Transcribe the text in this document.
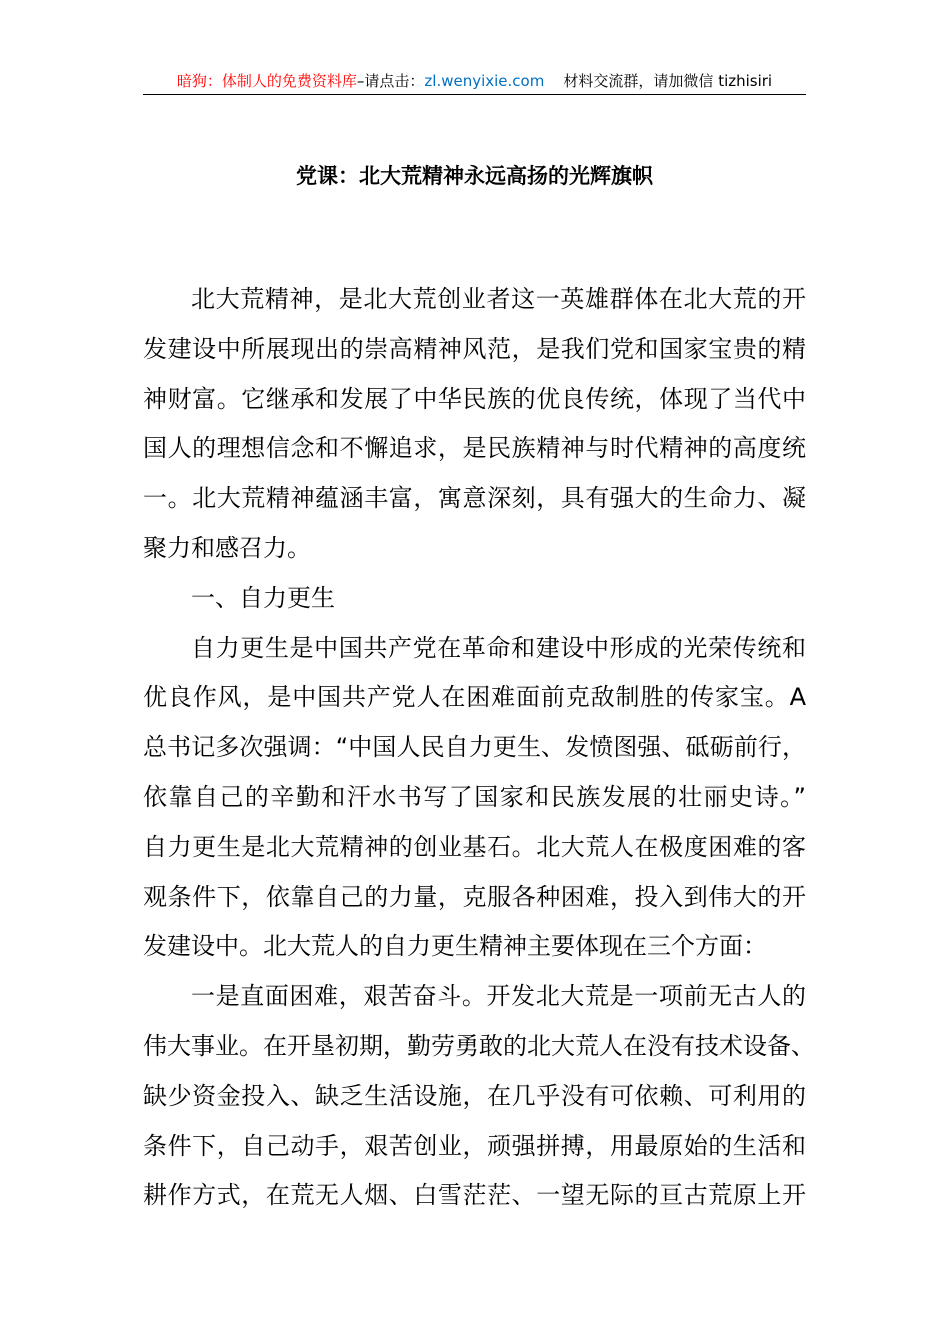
暗狗：体制人的免费资料库–请点击：zl.wenyixie.com 材料交流群，请加微信 tizhisiri
党课：北大荒精神永远高扬的光辉旗帜
北大荒精神，是北大荒创业者这一英雄群体在北大荒的开
发建设中所展现出的崇高精神风范，是我们党和国家宝贵的精
神财富。它继承和发展了中华民族的优良传统，体现了当代中
国人的理想信念和不懈追求，是民族精神与时代精神的高度统
一。北大荒精神蕴涵丰富，寓意深刻，具有强大的生命力、凝
聚力和感召力。
一、自力更生
自力更生是中国共产党在革命和建设中形成的光荣传统和
优良作风，是中国共产党人在困难面前克敌制胜的传家宝。A
总书记多次强调：“中国人民自力更生、发愤图强、砥砺前行，
依靠自己的辛勤和汗水书写了国家和民族发展的壮丽史诗。”
自力更生是北大荒精神的创业基石。北大荒人在极度困难的客
观条件下，依靠自己的力量，克服各种困难，投入到伟大的开
发建设中。北大荒人的自力更生精神主要体现在三个方面：
一是直面困难，艰苦奋斗。开发北大荒是一项前无古人的
伟大事业。在开垦初期，勤劳勇敢的北大荒人在没有技术设备、
缺少资金投入、缺乏生活设施，在几乎没有可依赖、可利用的
条件下，自己动手，艰苦创业，顽强拼搏，用最原始的生活和
耕作方式，在荒无人烟、白雪茫茫、一望无际的亘古荒原上开
